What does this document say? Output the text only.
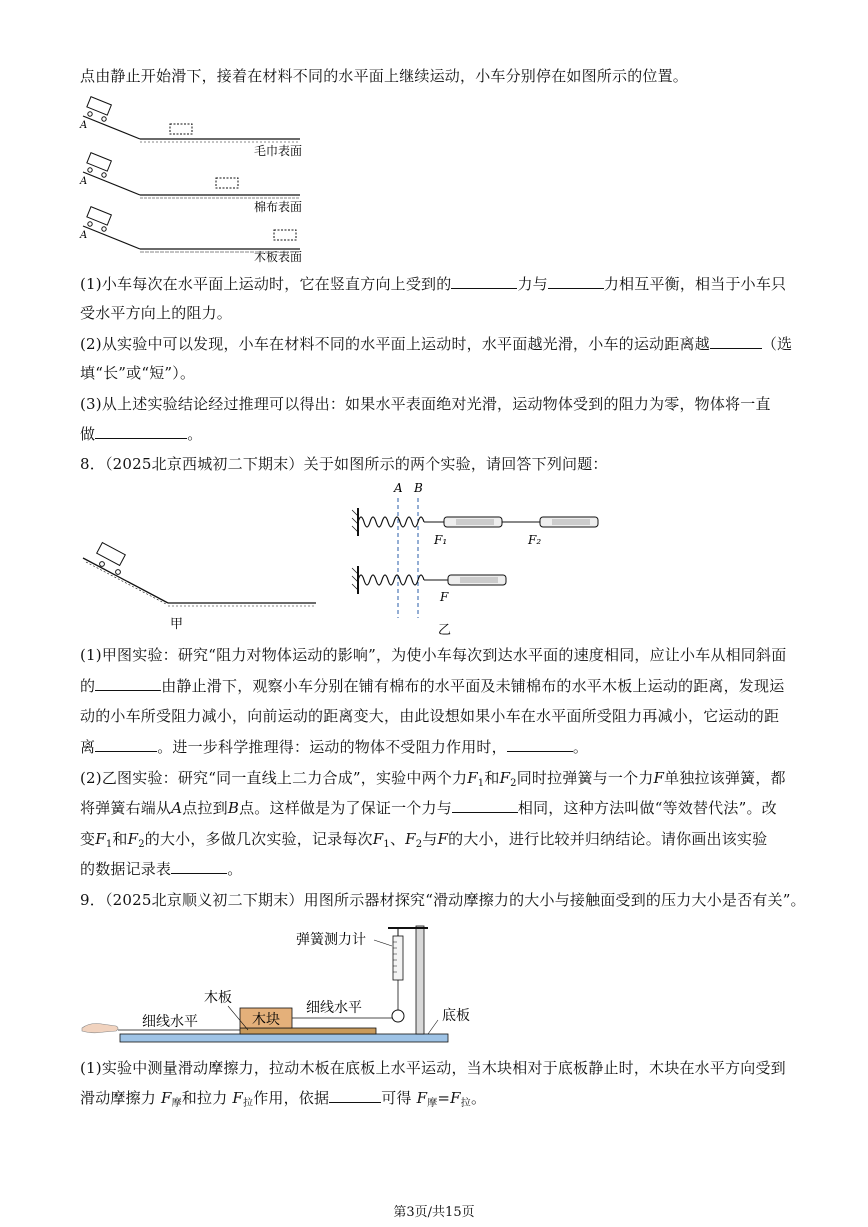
点由静止开始滑下，接着在材料不同的水平面上继续运动，小车分别停在如图所示的位置。
A
毛巾表面
A
棉布表面
A
木板表面
(1)小车每次在水平面上运动时，它在竖直方向上受到的	力与	力相互平衡，相当于小车只
受水平方向上的阻力。
(2)从实验中可以发现，小车在材料不同的水平面上运动时，水平面越光滑，小车的运动距离越	（选
填“长”或“短”）。
(3)从上述实验结论经过推理可以得出：如果水平表面绝对光滑，运动物体受到的阻力为零，物体将一直
做	。
8．（2025北京西城初二下期末）关于如图所示的两个实验，请回答下列问题：
甲
A B
F₁	F₂
F
乙
(1)甲图实验：研究“阻力对物体运动的影响”，为使小车每次到达水平面的速度相同，应让小车从相同斜面
的	由静止滑下，观察小车分别在铺有棉布的水平面及未铺棉布的水平木板上运动的距离，发现运
动的小车所受阻力减小，向前运动的距离变大，由此设想如果小车在水平面所受阻力再减小，它运动的距
离	。进一步科学推理得：运动的物体不受阻力作用时，	。
(2)乙图实验：研究“同一直线上二力合成”，实验中两个力$F_1$和$F_2$同时拉弹簧与一个力F单独拉该弹簧，都
将弹簧右端从A点拉到B点。这样做是为了保证一个力与	相同，这种方法叫做“等效替代法”。改
变$F_1$和$F_2$的大小，多做几次实验，记录每次$F_1$、$F_2$与F的大小，进行比较并归纳结论。请你画出该实验
的数据记录表	。
9．（2025北京顺义初二下期末）用图所示器材探究“滑动摩擦力的大小与接触面受到的压力大小是否有关”。
木块
弹簧测力计
木板
细线水平
细线水平	底板
(1)实验中测量滑动摩擦力，拉动木板在底板上水平运动，当木块相对于底板静止时，木块在水平方向受到
滑动摩擦力 $F_摩$和拉力 $F_拉$作用，依据	可得 $F_摩=F_拉$。
第3页/共15页
